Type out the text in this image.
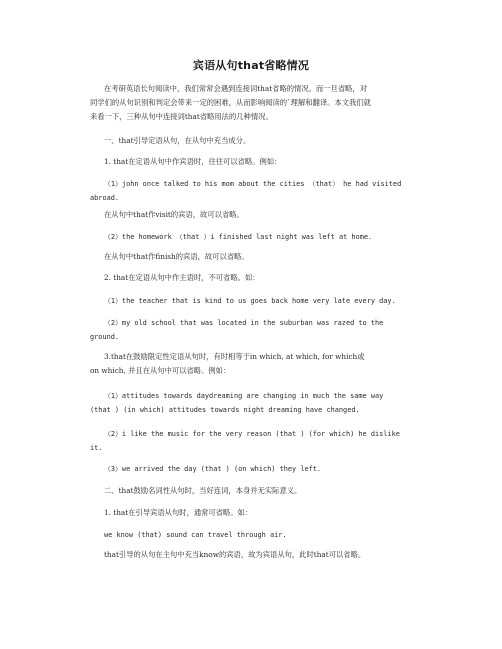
宾语从句that省略情况
在考研英语长句阅读中，我们常常会遇到连接词that省略的情况。而一旦省略，对
同学们的从句识别和判定会带来一定的困难，从而影响阅读的`理解和翻译。本文我们就
来看一下，三种从句中连接词that省略用法的几种情况。
一、that引导定语从句，在从句中充当成分。
1. that在定语从句中作宾语时，往往可以省略。例如：
（1）john once talked to his mom about the cities （that） he had visited
abroad.
在从句中that作visit的宾语，故可以省略。
（2）the homework （that ）i finished last night was left at home.
在从句中that作finish的宾语，故可以省略。
2. that在定语从句中作主语时，不可省略。如：
（1）the teacher that is kind to us goes back home very late every day.
（2）my old school that was located in the suburban was razed to the
ground.
3.that在鼓励限定性定语从句时，有时相等于in which, at which, for which或
on which, 并且在从句中可以省略。例如：
（1）attitudes towards daydreaming are changing in much the same way
(that ) (in which) attitudes towards night dreaming have changed.
（2）i like the music for the very reason (that ) (for which) he dislike
it.
（3）we arrived the day (that ) (on which) they left.
二、that鼓励名词性从句时，当好连词，本身并无实际意义。
1. that在引导宾语从句时，通常可省略。如：
we know (that) sound can travel through air.
that引导的从句在主句中充当know的宾语，故为宾语从句，此时that可以省略。
